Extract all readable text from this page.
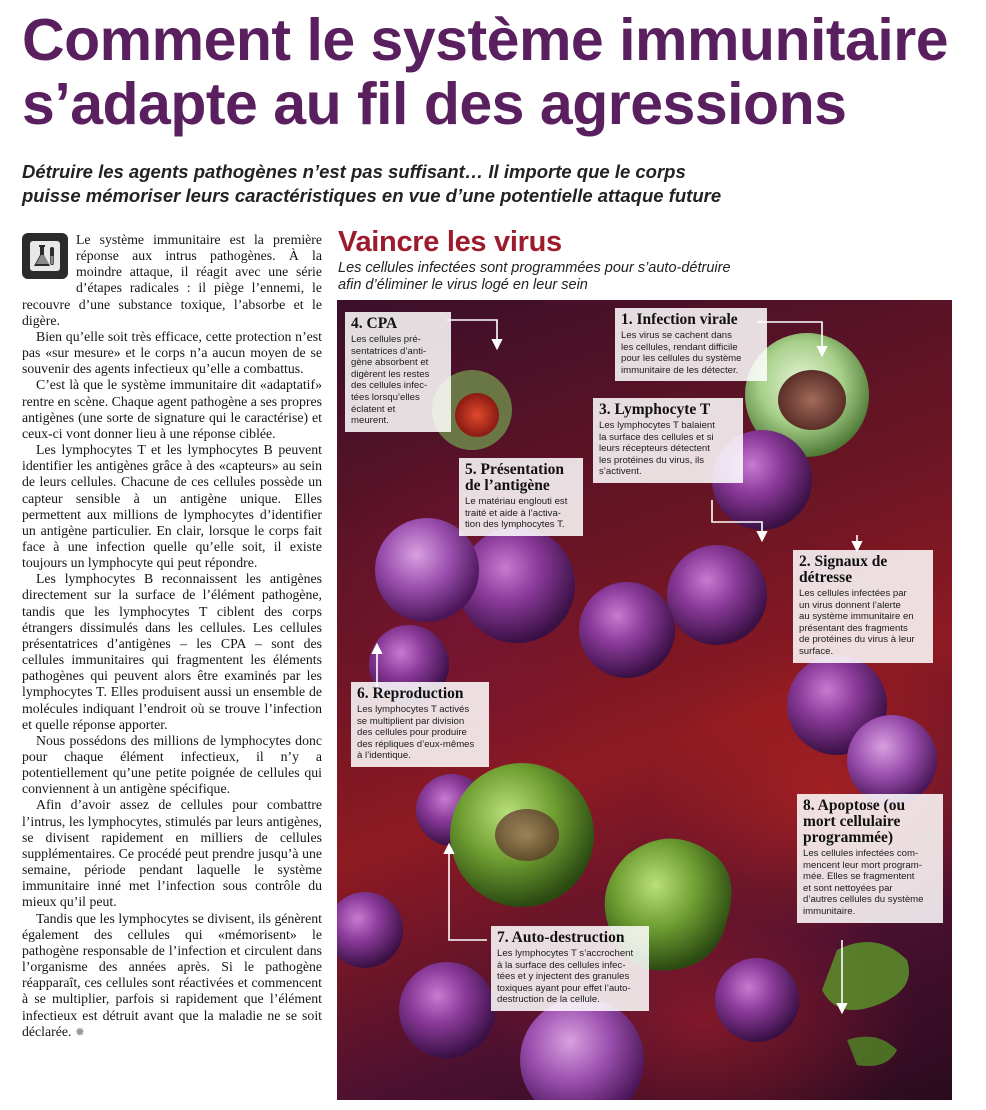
Comment le système immunitaire
s’adapte au fil des agressions

Détruire les agents pathogènes n’est pas suffisant… Il importe que le corps
puisse mémoriser leurs caractéristiques en vue d’une potentielle attaque future

Le système immunitaire est la première réponse aux intrus pathogènes. À la moindre attaque, il réagit avec une série d’étapes radicales : il piège l’ennemi, le recouvre d’une substance toxique, l’absorbe et le digère.

Bien qu’elle soit très efficace, cette protection n’est pas «sur mesure» et le corps n’a aucun moyen de se souvenir des agents infectieux qu’elle a combattus.

C’est là que le système immunitaire dit «adaptatif» rentre en scène. Chaque agent pathogène a ses propres antigènes (une sorte de signature qui le caractérise) et ceux-ci vont donner lieu à une réponse ciblée.

Les lymphocytes T et les lymphocytes B peuvent identifier les antigènes grâce à des «capteurs» au sein de leurs cellules. Chacune de ces cellules possède un capteur sensible à un antigène unique. Elles permettent aux millions de lymphocytes d’identifier un antigène particulier. En clair, lorsque le corps fait face à une infection quelle qu’elle soit, il existe toujours un lymphocyte qui peut répondre.

Les lymphocytes B reconnaissent les antigènes directement sur la surface de l’élément pathogène, tandis que les lymphocytes T ciblent des corps étrangers dissimulés dans les cellules. Les cellules présentatrices d’antigènes – les CPA – sont des cellules immunitaires qui fragmentent les éléments pathogènes qui peuvent alors être examinés par les lymphocytes T. Elles produisent aussi un ensemble de molécules indiquant l’endroit où se trouve l’infection et quelle réponse apporter.

Nous possédons des millions de lymphocytes donc pour chaque élément infectieux, il n’y a potentiellement qu’une petite poignée de cellules qui conviennent à un antigène spécifique.

Afin d’avoir assez de cellules pour combattre l’intrus, les lymphocytes, stimulés par leurs antigènes, se divisent rapidement en milliers de cellules supplémentaires. Ce procédé peut prendre jusqu’à une semaine, période pendant laquelle le système immunitaire inné met l’infection sous contrôle du mieux qu’il peut.

Tandis que les lymphocytes se divisent, ils génèrent également des cellules qui «mémorisent» le pathogène responsable de l’infection et circulent dans l’organisme des années après. Si le pathogène réapparaît, ces cellules sont réactivées et commencent à se multiplier, parfois si rapidement que l’élément infectieux est détruit avant que la maladie ne se soit déclarée. ✹

Vaincre les virus

Les cellules infectées sont programmées pour s’auto-détruire
afin d’éliminer le virus logé en leur sein

4. CPA
Les cellules pré-
sentatrices d’anti-
gène absorbent et
digèrent les restes
des cellules infec-
tées lorsqu’elles
éclatent et
meurent.
1. Infection virale
Les virus se cachent dans
les cellules, rendant difficile
pour les cellules du système
immunitaire de les détecter.
3. Lymphocyte T
Les lymphocytes T balaient
la surface des cellules et si
leurs récepteurs détectent
les protéines du virus, ils
s’activent.
5. Présentation
de l’antigène
Le matériau englouti est
traité et aide à l’activa-
tion des lymphocytes T.
2. Signaux de
détresse
Les cellules infectées par
un virus donnent l’alerte
au système immunitaire en
présentant des fragments
de protéines du virus à leur
surface.
6. Reproduction
Les lymphocytes T activés
se multiplient par division
des cellules pour produire
des répliques d’eux-mêmes
à l’identique.
8. Apoptose (ou
mort cellulaire
programmée)
Les cellules infectées com-
mencent leur mort program-
mée. Elles se fragmentent
et sont nettoyées par
d’autres cellules du système
immunitaire.
7. Auto-destruction
Les lymphocytes T s’accrochent
à la surface des cellules infec-
tées et y injectent des granules
toxiques ayant pour effet l’auto-
destruction de la cellule.
